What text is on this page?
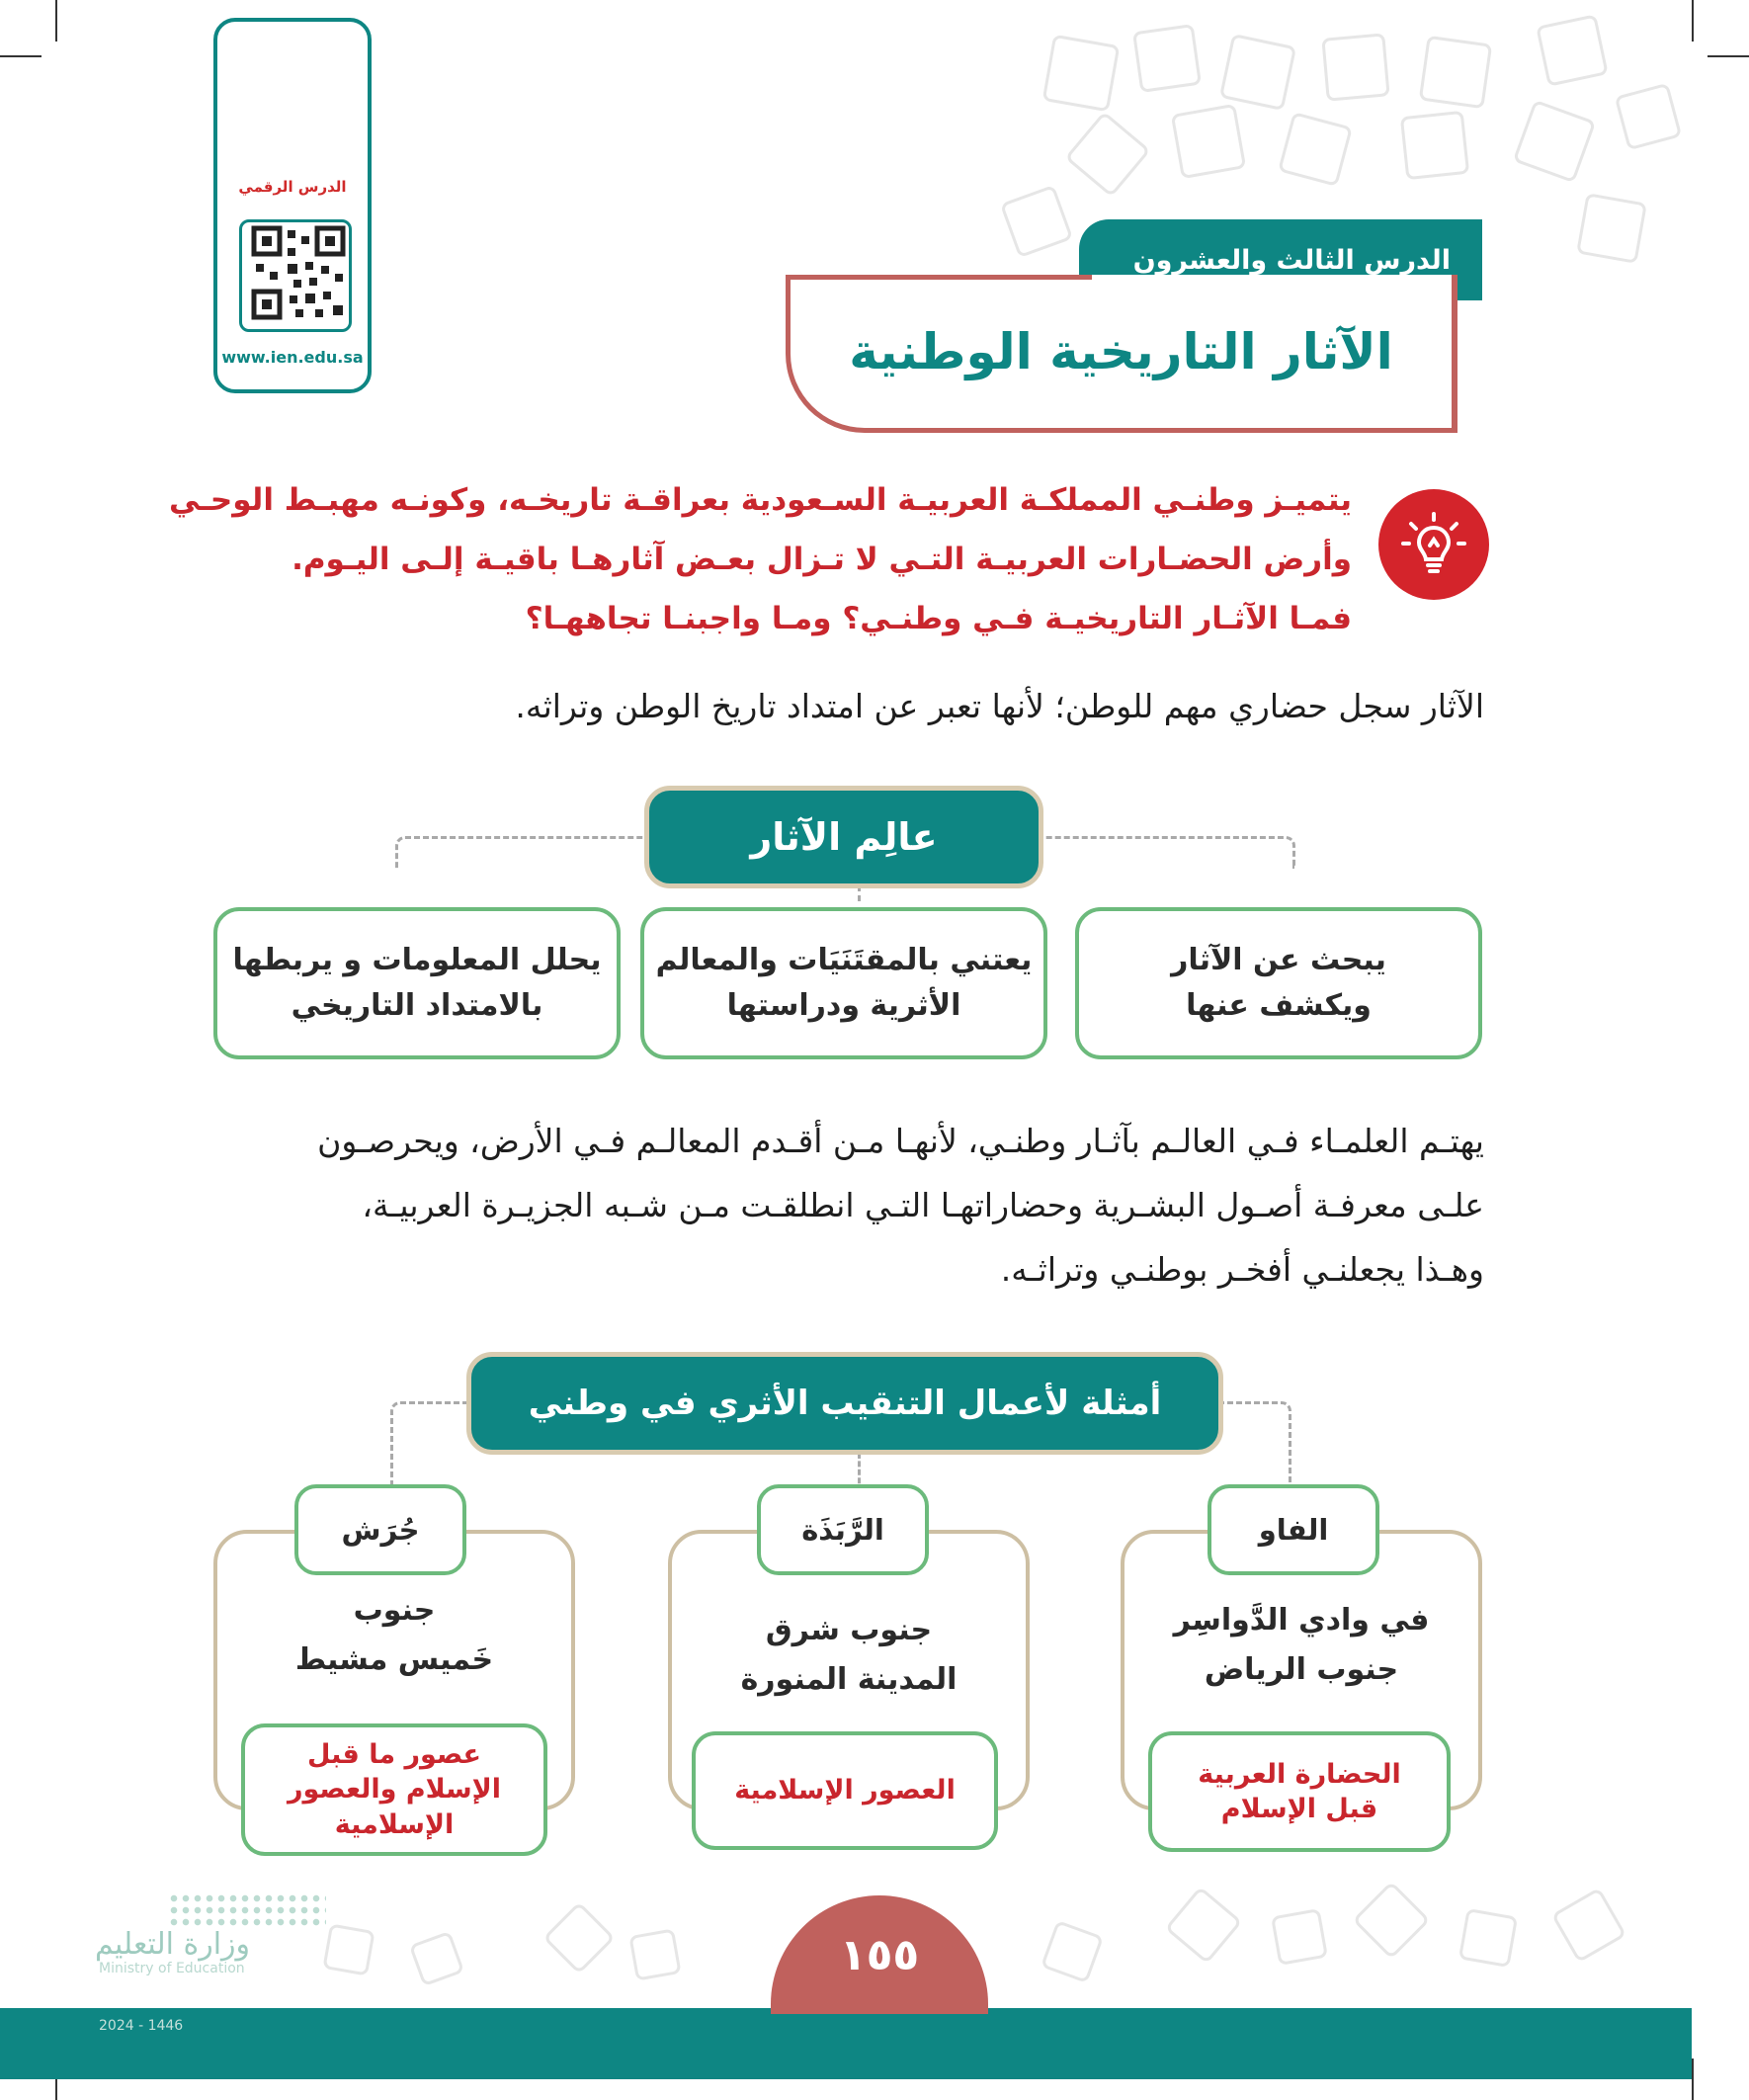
الدرس الرقمي
www.ien.edu.sa
الدرس الثالث والعشرون
الآثار التاريخية الوطنية
يتميـز وطنـي المملكـة العربيـة السـعودية بعراقـة تاريخـه، وكونـه مهبـط الوحـي
وأرض الحضـارات العربيـة التـي لا تـزال بعـض آثارهـا باقيـة إلـى اليـوم.
فمـا الآثـار التاريخيـة فـي وطنـي؟ ومـا واجبنـا تجاههـا؟
الآثار سجل حضاري مهم للوطن؛ لأنها تعبر عن امتداد تاريخ الوطن وتراثه.
عالِم الآثار
يبحث عن الآثار
ويكشف عنها
يعتني بالمقتَنَيَات والمعالم
الأثرية ودراستها
يحلل المعلومات و يربطها
بالامتداد التاريخي
يهتـم العلمـاء فـي العالـم بآثـار وطنـي، لأنهـا مـن أقـدم المعالـم فـي الأرض، ويحرصـون
علـى معرفـة أصـول البشـرية وحضاراتهـا التـي انطلقـت مـن شـبه الجزيـرة العربيـة،
وهـذا يجعلنـي أفخـر بوطنـي وتراثـه.
أمثلة لأعمال التنقيب الأثري في وطني
الفاو
في وادي الدَّواسِر
جنوب الرياض
الحضارة العربية
قبل الإسلام
الرَّبَذَة
جنوب شرق
المدينة المنورة
العصور الإسلامية
جُرَش
جنوب
خَميس مشيط
عصور ما قبل
الإسلام والعصور
الإسلامية
وزارة التعليم
Ministry of Education
2024 - 1446
١٥٥
